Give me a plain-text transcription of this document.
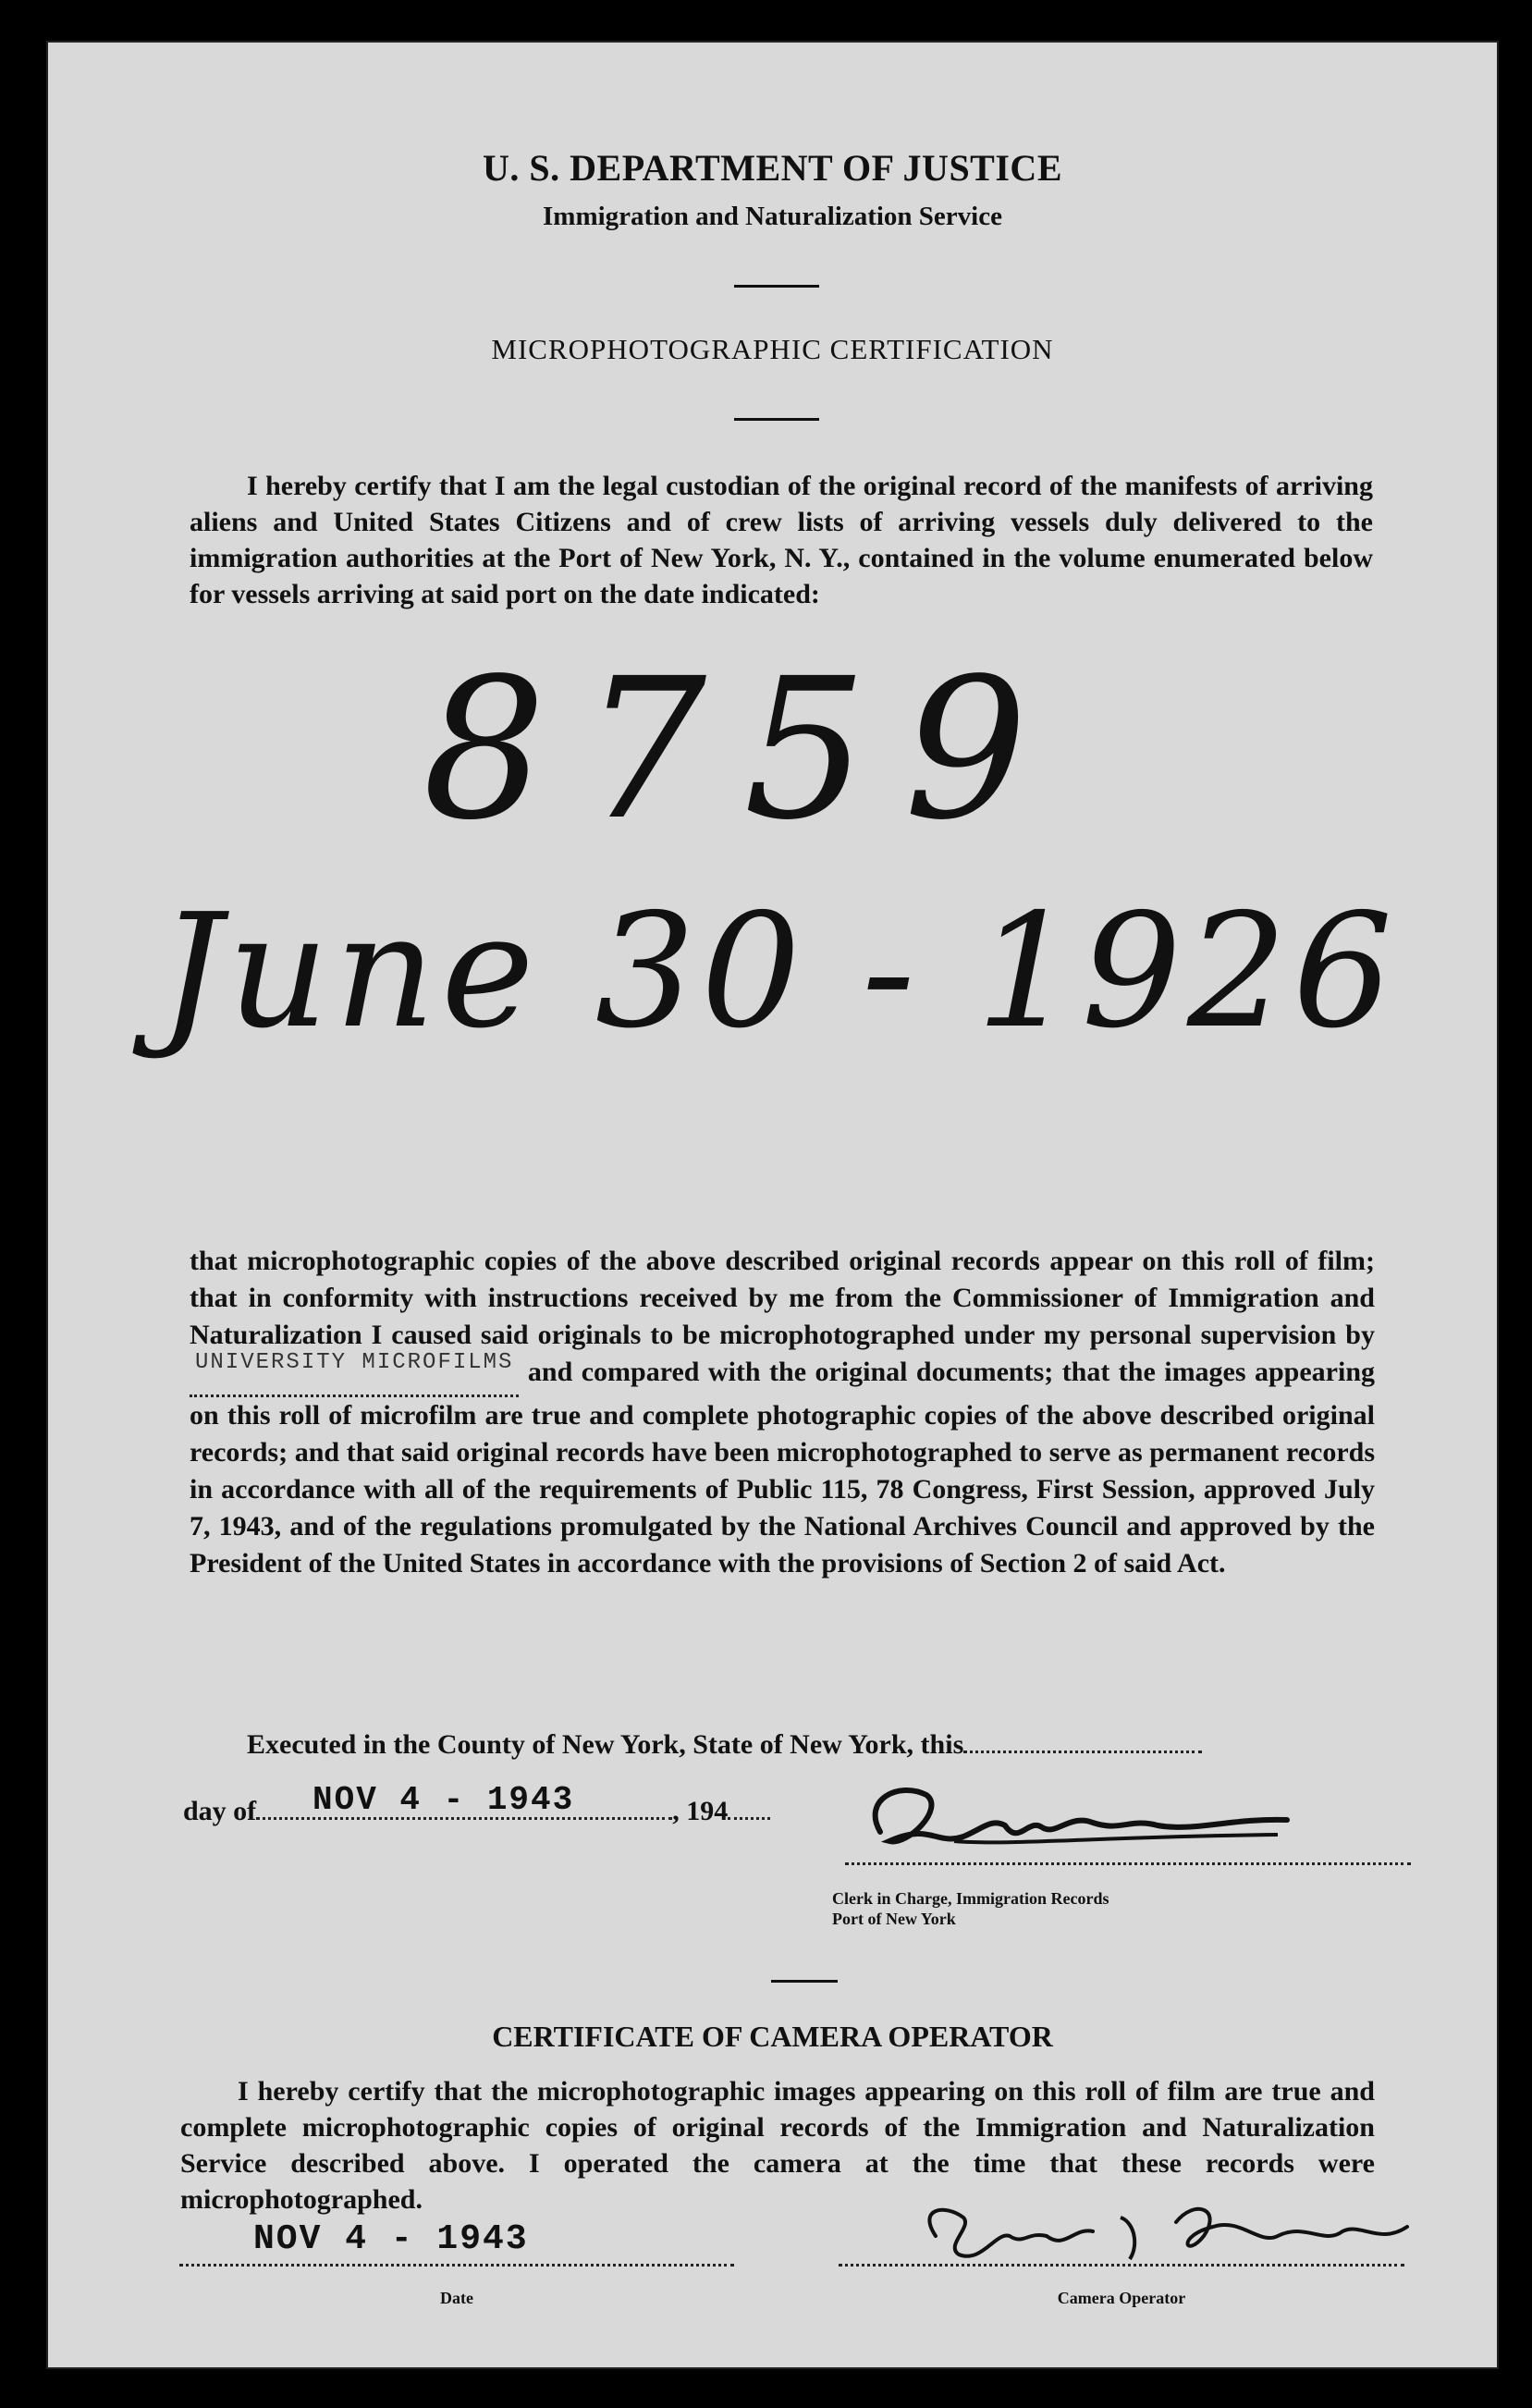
U. S. DEPARTMENT OF JUSTICE
Immigration and Naturalization Service
MICROPHOTOGRAPHIC CERTIFICATION
I hereby certify that I am the legal custodian of the original record of the manifests of arriving aliens and United States Citizens and of crew lists of arriving vessels duly delivered to the immigration authorities at the Port of New York, N. Y., contained in the volume enumerated below for vessels arriving at said port on the date indicated:
8759
June 30 - 1926
that microphotographic copies of the above described original records appear on this roll of film; that in conformity with instructions received by me from the Commissioner of Immigration and Naturalization I caused said originals to be microphotographed under my personal supervision by $^{UNIVERSITY MICROFILMS}$ and compared with the original documents; that the images appearing on this roll of microfilm are true and complete photographic copies of the above described original records; and that said original records have been microphotographed to serve as permanent records in accordance with all of the requirements of Public 115, 78 Congress, First Session, approved July 7, 1943, and of the regulations promulgated by the National Archives Council and approved by the President of the United States in accordance with the provisions of Section 2 of said Act.
Executed in the County of New York, State of New York, this
day of	, 194
NOV 4 - 1943
Clerk in Charge, Immigration Records
Port of New York
CERTIFICATE OF CAMERA OPERATOR
I hereby certify that the microphotographic images appearing on this roll of film are true and complete microphotographic copies of original records of the Immigration and Naturalization Service described above. I operated the camera at the time that these records were microphotographed.
NOV 4 - 1943
Date	Camera Operator
